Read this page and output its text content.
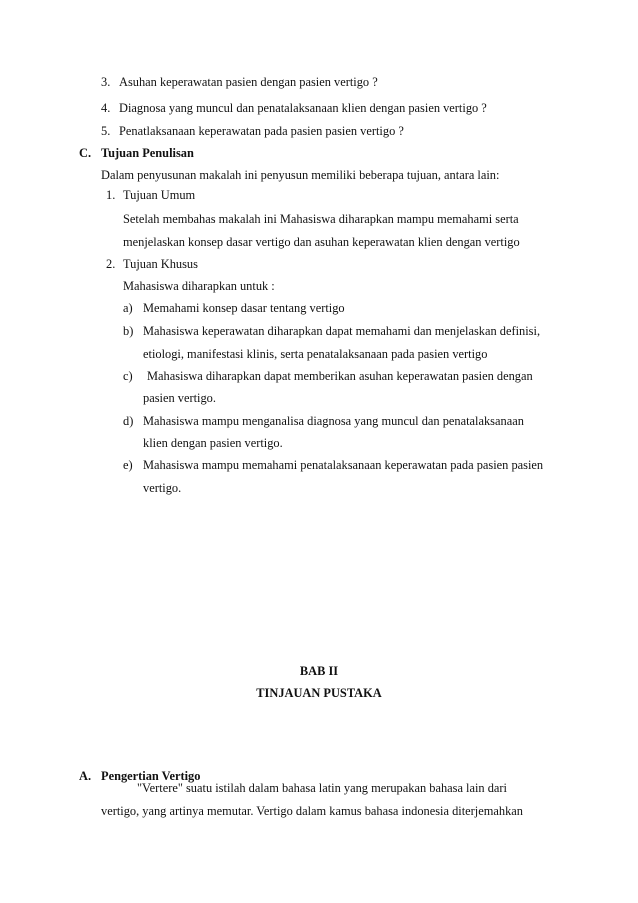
3. Asuhan keperawatan pasien dengan pasien vertigo ?
4. Diagnosa yang muncul dan penatalaksanaan klien dengan pasien vertigo ?
5. Penatlaksanaan keperawatan pada pasien pasien vertigo ?
C. Tujuan Penulisan
Dalam penyusunan makalah ini penyusun memiliki beberapa tujuan, antara lain:
1. Tujuan Umum
Setelah membahas makalah ini Mahasiswa diharapkan mampu memahami serta
menjelaskan konsep dasar vertigo dan asuhan keperawatan klien dengan vertigo
2. Tujuan Khusus
Mahasiswa diharapkan untuk :
a) Memahami konsep dasar tentang vertigo
b) Mahasiswa keperawatan diharapkan dapat memahami dan menjelaskan definisi,
etiologi, manifestasi klinis, serta penatalaksanaan pada pasien vertigo
c) Mahasiswa diharapkan dapat memberikan asuhan keperawatan pasien dengan
pasien vertigo.
d) Mahasiswa mampu menganalisa diagnosa yang muncul dan penatalaksanaan
klien dengan pasien vertigo.
e) Mahasiswa mampu memahami penatalaksanaan keperawatan pada pasien pasien
vertigo.
BAB II
TINJAUAN PUSTAKA
A. Pengertian Vertigo
"Vertere" suatu istilah dalam bahasa latin yang merupakan bahasa lain dari
vertigo, yang artinya memutar. Vertigo dalam kamus bahasa indonesia diterjemahkan
